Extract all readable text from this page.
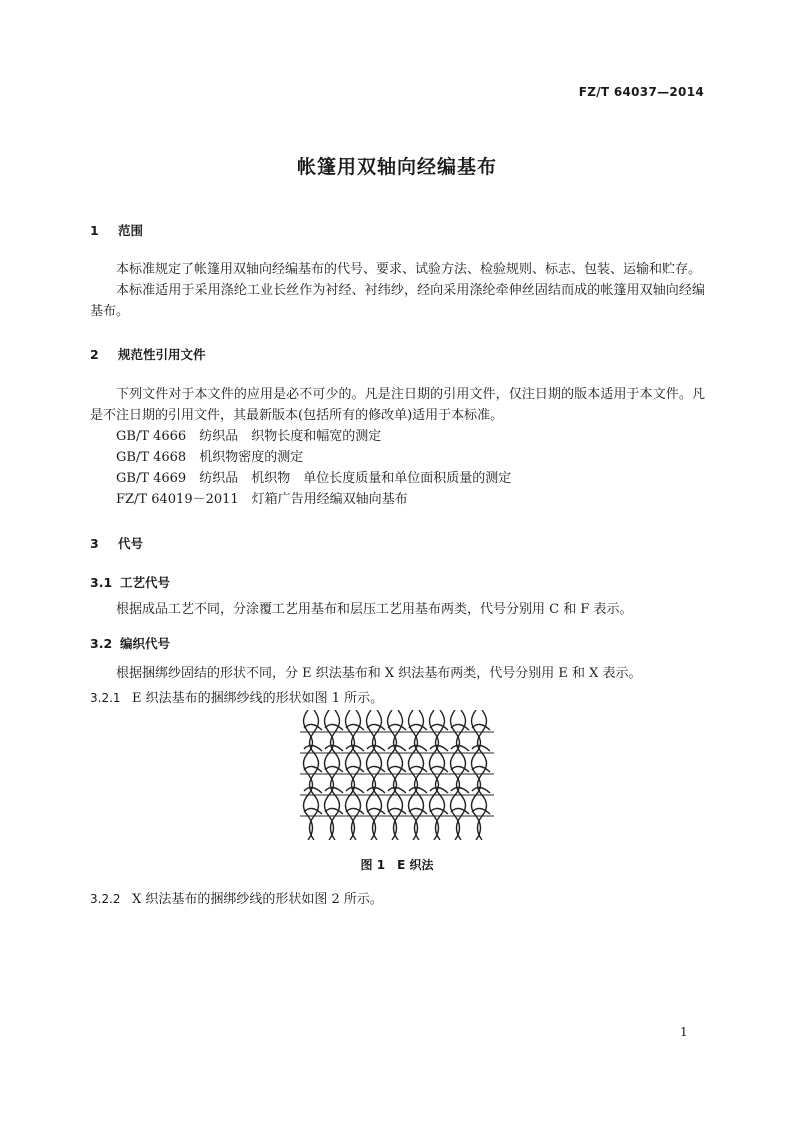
FZ/T 64037—2014
帐篷用双轴向经编基布
1 范围
本标准规定了帐篷用双轴向经编基布的代号、要求、试验方法、检验规则、标志、包装、运输和贮存。
本标准适用于采用涤纶工业长丝作为衬经、衬纬纱，经向采用涤纶牵伸丝固结而成的帐篷用双轴向经编基布。
2 规范性引用文件
下列文件对于本文件的应用是必不可少的。凡是注日期的引用文件，仅注日期的版本适用于本文件。凡是不注日期的引用文件，其最新版本(包括所有的修改单)适用于本标准。
GB/T 4666　纺织品　织物长度和幅宽的测定
GB/T 4668　机织物密度的测定
GB/T 4669　纺织品　机织物　单位长度质量和单位面积质量的测定
FZ/T 64019－2011　灯箱广告用经编双轴向基布
3 代号
3.1 工艺代号
根据成品工艺不同，分涂覆工艺用基布和层压工艺用基布两类，代号分别用 C 和 F 表示。
3.2 编织代号
根据捆绑纱固结的形状不同，分 E 织法基布和 X 织法基布两类，代号分别用 E 和 X 表示。
3.2.1 E 织法基布的捆绑纱线的形状如图 1 所示。
图 1　E 织法
3.2.2 X 织法基布的捆绑纱线的形状如图 2 所示。
1
